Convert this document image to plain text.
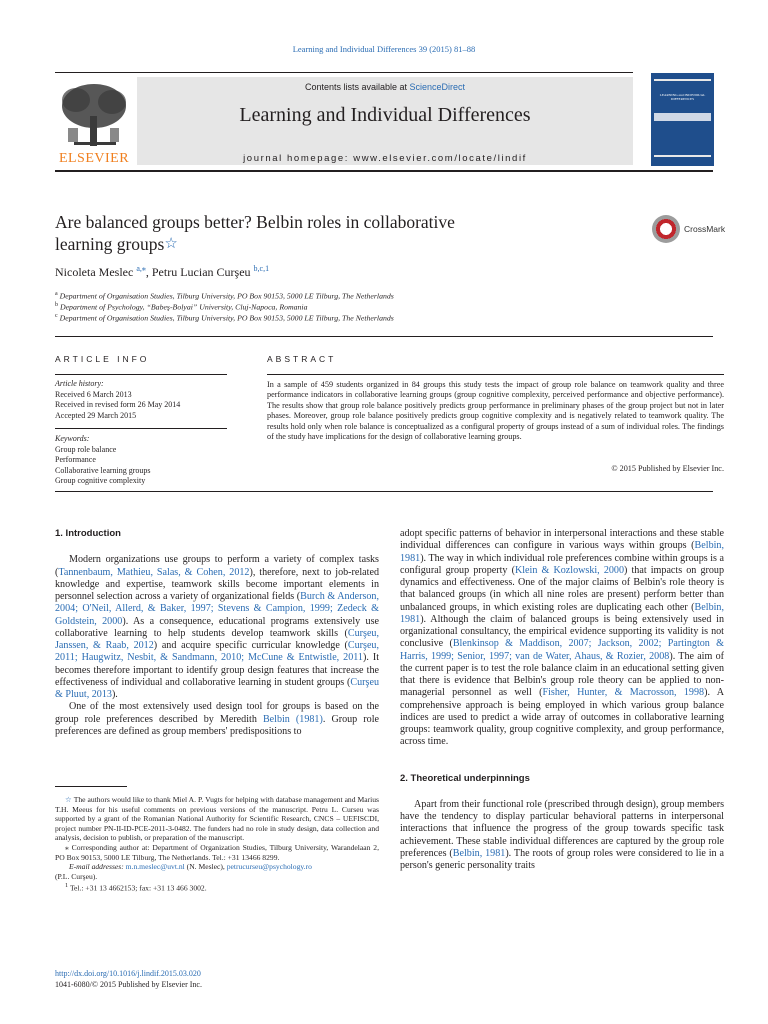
Learning and Individual Differences 39 (2015) 81–88
ELSEVIER
Contents lists available at ScienceDirect
Learning and Individual Differences
journal homepage: www.elsevier.com/locate/lindif
LEARNING and INDIVIDUAL DIFFERENCES
Are balanced groups better? Belbin roles in collaborative
learning groups☆
CrossMark
Nicoleta Meslec $^{a,⁎}$, Petru Lucian Curşeu $^{b,c,1}$
$^a$ Department of Organisation Studies, Tilburg University, PO Box 90153, 5000 LE Tilburg, The Netherlands
$^b$ Department of Psychology, “Babeş-Bolyai” University, Cluj-Napoca, Romania
$^c$ Department of Organisation Studies, Tilburg University, PO Box 90153, 5000 LE Tilburg, The Netherlands
ARTICLE INFO
Article history:
Received 6 March 2013
Received in revised form 26 May 2014
Accepted 29 March 2015
Keywords:
Group role balance
Performance
Collaborative learning groups
Group cognitive complexity
ABSTRACT
In a sample of 459 students organized in 84 groups this study tests the impact of group role balance on teamwork quality and three performance indicators in collaborative learning groups (group cognitive complexity, perceived performance and objective performance). The results show that group role balance positively predicts group performance in preliminary phases of the group project but not in later phases. Moreover, group role balance positively predicts group cognitive complexity and is negatively related to teamwork quality. The results hold only when role balance is conceptualized as a configural property of groups instead of a sum of individual roles. The findings of the study have implications for the design of collaborative learning groups.
© 2015 Published by Elsevier Inc.

1. Introduction

Modern organizations use groups to perform a variety of complex tasks (Tannenbaum, Mathieu, Salas, & Cohen, 2012), therefore, next to job-related knowledge and expertise, teamwork skills become important elements in personnel selection across a variety of organizational fields (Burch & Anderson, 2004; O'Neil, Allerd, & Baker, 1997; Stevens & Campion, 1999; Zedeck & Goldstein, 2000). As a consequence, educational programs extensively use collaborative learning to help students develop teamwork skills (Curşeu, Janssen, & Raab, 2012) and acquire specific curricular knowledge (Curşeu, 2011; Haugwitz, Nesbit, & Sandmann, 2010; McCune & Entwistle, 2011). It becomes therefore important to identify group design features that increase the effectiveness of individual and collaborative learning in student groups (Curşeu & Pluut, 2013).

One of the most extensively used design tool for groups is based on the group role preferences described by Meredith Belbin (1981). Group role preferences are defined as group members' predispositions to

☆ The authors would like to thank Miel A. P. Vugts for helping with database management and Marius T.H. Meeus for his useful comments on previous versions of the manuscript. Petru L. Curseu was supported by a grant of the Romanian National Authority for Scientific Research, CNCS – UEFISCDI, project number PN-II-ID-PCE-2011-3-0482. The funders had no role in study design, data collection and analysis, decision to publish, or preparation of the manuscript.
⁎ Corresponding author at: Department of Organization Studies, Tilburg University, Warandelaan 2, PO Box 90153, 5000 LE Tilburg, The Netherlands. Tel.: +31 13466 8299.
E-mail addresses: m.n.meslec@uvt.nl (N. Meslec), petrucurseu@psychology.ro
(P.L. Curşeu).
$^1$ Tel.: +31 13 4662153; fax: +31 13 466 3002.
http://dx.doi.org/10.1016/j.lindif.2015.03.020
1041-6080/© 2015 Published by Elsevier Inc.

adopt specific patterns of behavior in interpersonal interactions and these stable individual differences can configure in various ways within groups (Belbin, 1981). The way in which individual role preferences combine within groups is a configural group property (Klein & Kozlowski, 2000) that impacts on group dynamics and effectiveness. One of the major claims of Belbin's role theory is that balanced groups (in which all nine roles are present) perform better than unbalanced groups, in which existing roles are duplicating each other (Belbin, 1981). Although the claim of balanced groups is being extensively used in organizational consultancy, the empirical evidence supporting its validity is not conclusive (Blenkinsop & Maddison, 2007; Jackson, 2002; Partington & Harris, 1999; Senior, 1997; van de Water, Ahaus, & Rozier, 2008). The aim of the current paper is to test the role balance claim in an educational setting given that there is evidence that Belbin's group role theory can be applied to non-managerial personnel as well (Fisher, Hunter, & Macrosson, 1998). A comprehensive approach is being employed in which various group balance indices are used to predict a wide array of outcomes in collaborative learning groups: teamwork quality, group cognitive complexity, and group performance, across time.

2. Theoretical underpinnings

Apart from their functional role (prescribed through design), group members have the tendency to display particular behavioral patterns in interpersonal interactions that influence the progress of the group towards specific task achievement. These stable individual differences are captured by the group role preferences (Belbin, 1981). The roots of group roles were considered to lie in a person's generic personality traits
